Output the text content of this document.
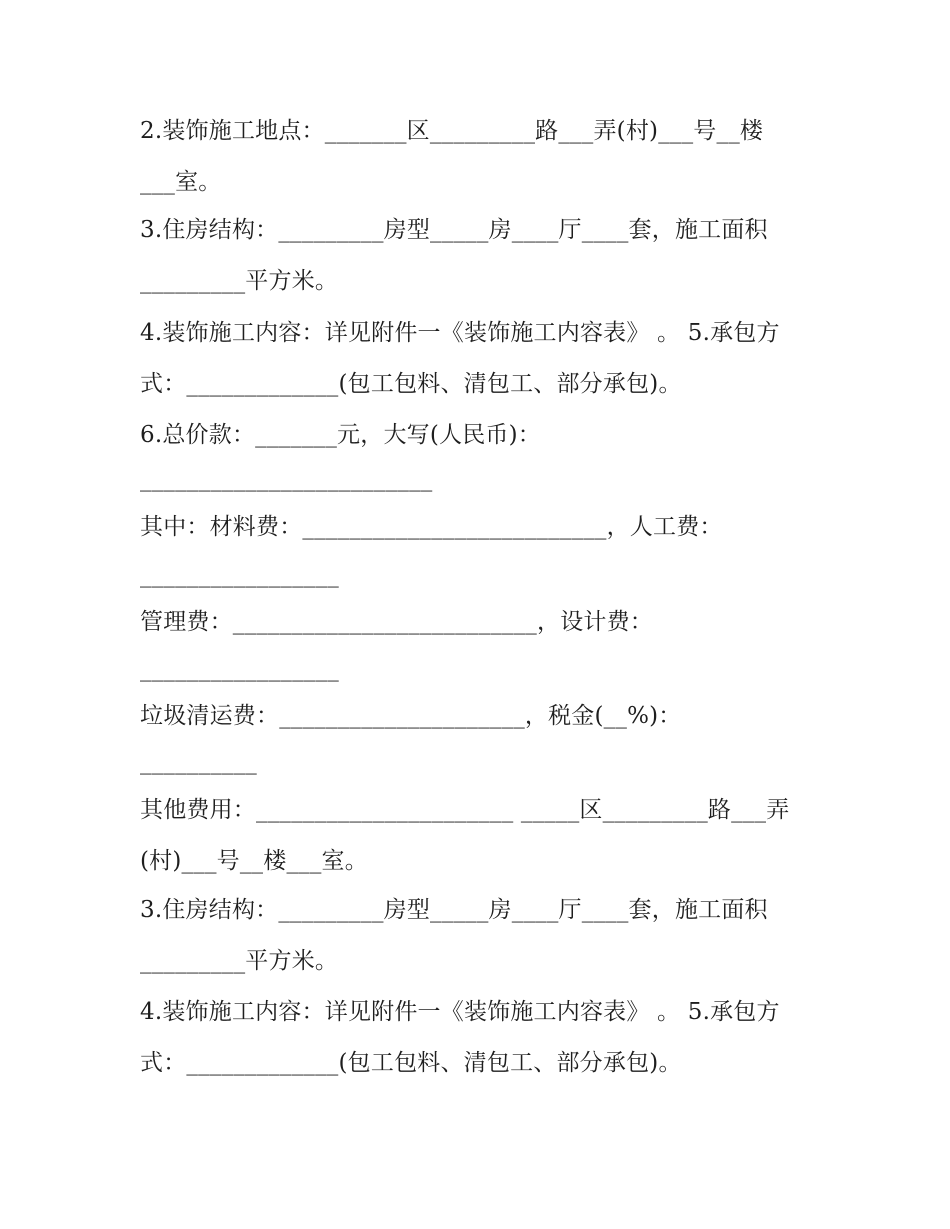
2.装饰施工地点：_______区_________路___弄(村)___号__楼
___室。
3.住房结构：_________房型_____房____厅____套，施工面积
_________平方米。
4.装饰施工内容：详见附件一《装饰施工内容表》 。 5.承包方
式：_____________(包工包料、清包工、部分承包)。
6.总价款：_______元，大写(人民币)：
_________________________
其中：材料费：__________________________，人工费：
_________________
管理费：__________________________，设计费：
_________________
垃圾清运费：_____________________，税金(__%)：
__________
其他费用：______________________ _____区_________路___弄
(村)___号__楼___室。
3.住房结构：_________房型_____房____厅____套，施工面积
_________平方米。
4.装饰施工内容：详见附件一《装饰施工内容表》 。 5.承包方
式：_____________(包工包料、清包工、部分承包)。
